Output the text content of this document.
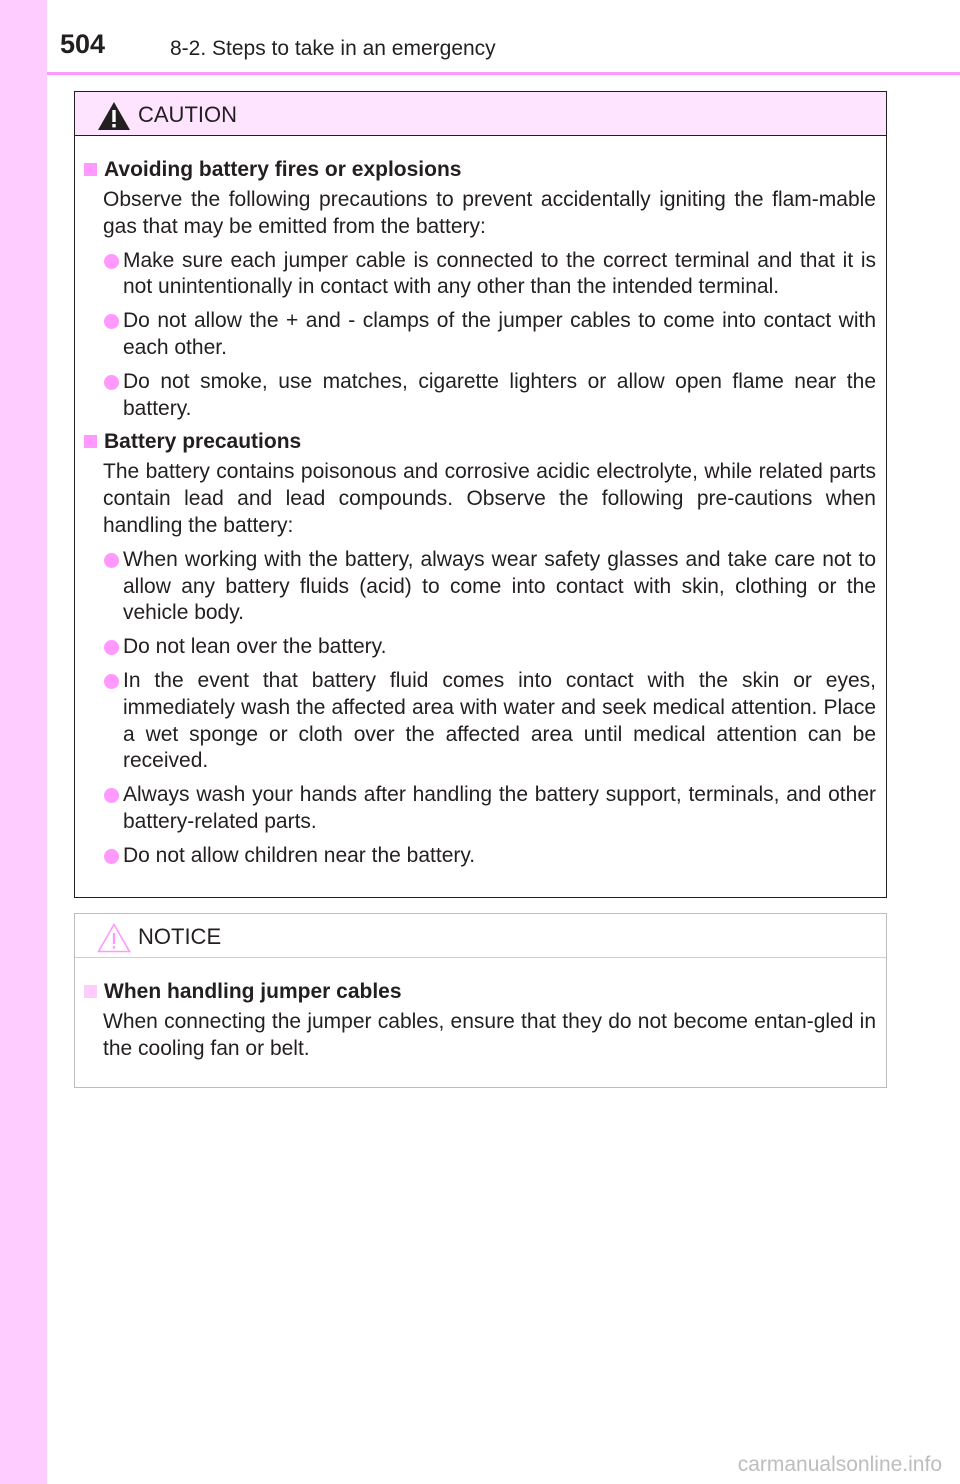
504	8-2. Steps to take in an emergency
CAUTION
Avoiding battery fires or explosions
Observe the following precautions to prevent accidentally igniting the flam-mable gas that may be emitted from the battery:
Make sure each jumper cable is connected to the correct terminal and that it is not unintentionally in contact with any other than the intended terminal.
Do not allow the + and - clamps of the jumper cables to come into contact with each other.
Do not smoke, use matches, cigarette lighters or allow open flame near the battery.
Battery precautions
The battery contains poisonous and corrosive acidic electrolyte, while related parts contain lead and lead compounds. Observe the following pre-cautions when handling the battery:
When working with the battery, always wear safety glasses and take care not to allow any battery fluids (acid) to come into contact with skin, clothing or the vehicle body.
Do not lean over the battery.
In the event that battery fluid comes into contact with the skin or eyes, immediately wash the affected area with water and seek medical attention. Place a wet sponge or cloth over the affected area until medical attention can be received.
Always wash your hands after handling the battery support, terminals, and other battery-related parts.
Do not allow children near the battery.
NOTICE
When handling jumper cables
When connecting the jumper cables, ensure that they do not become entan-gled in the cooling fan or belt.
carmanualsonline.info
